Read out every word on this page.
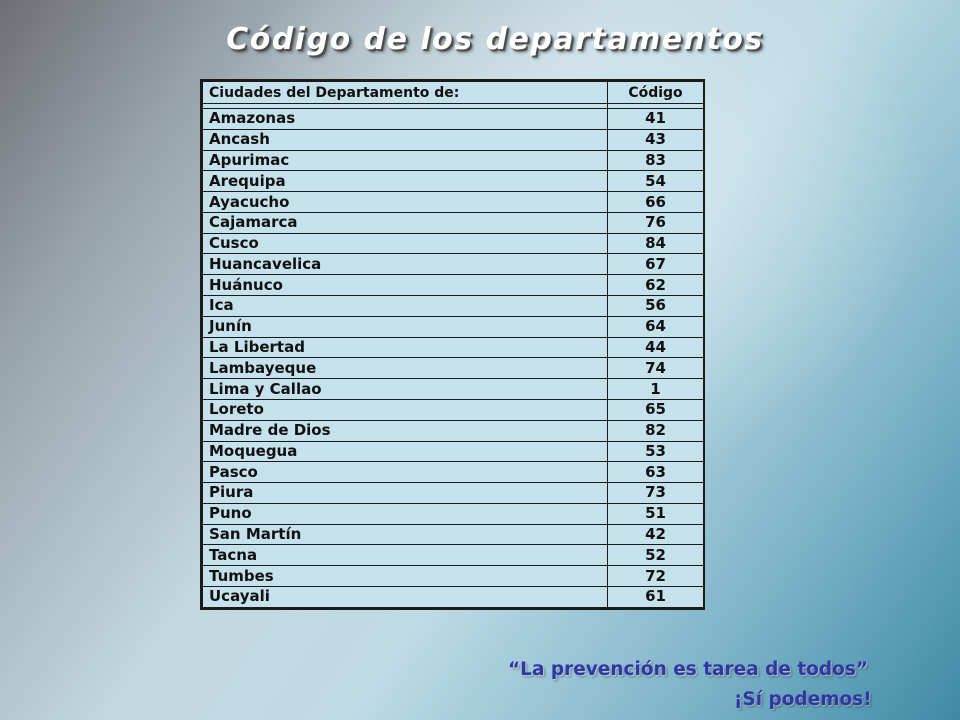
Código de los departamentos
Ciudades del Departamento de:	Código

Amazonas	41
Ancash	43
Apurimac	83
Arequipa	54
Ayacucho	66
Cajamarca	76
Cusco	84
Huancavelica	67
Huánuco	62
Ica	56
Junín	64
La Libertad	44
Lambayeque	74
Lima y Callao	1
Loreto	65
Madre de Dios	82
Moquegua	53
Pasco	63
Piura	73
Puno	51
San Martín	42
Tacna	52
Tumbes	72
Ucayali	61
“La prevención es tarea de todos”
¡Sí podemos!
